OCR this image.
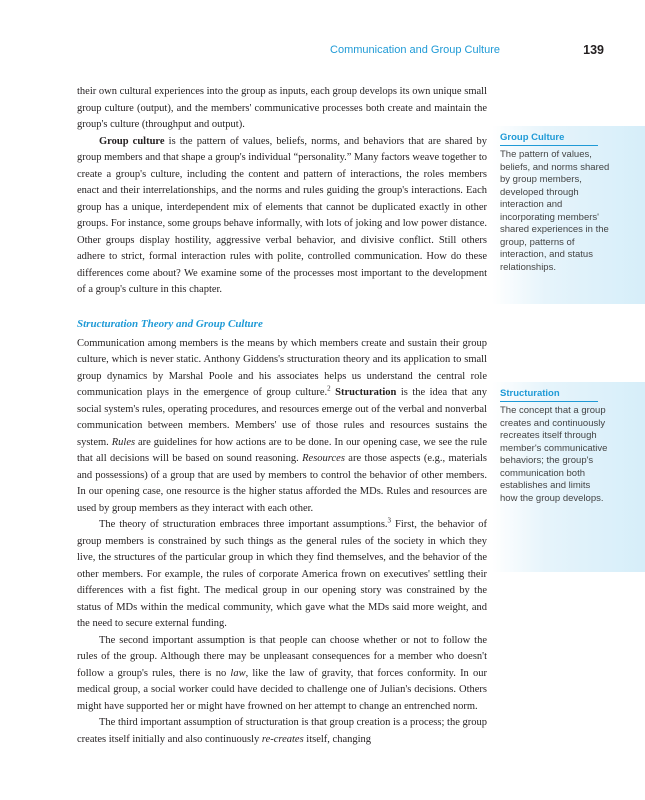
Communication and Group Culture	139

their own cultural experiences into the group as inputs, each group develops its own unique small group culture (output), and the members' communicative processes both create and maintain the group's culture (throughput and output).

Group culture is the pattern of values, beliefs, norms, and behaviors that are shared by group members and that shape a group's individual “personality.” Many factors weave together to create a group's culture, including the content and pattern of interactions, the roles members enact and their interrelationships, and the norms and rules guiding the group's interactions. Each group has a unique, interdependent mix of elements that cannot be duplicated exactly in other groups. For instance, some groups behave informally, with lots of joking and low power distance. Other groups display hostility, aggressive verbal behavior, and divisive conflict. Still others adhere to strict, formal interaction rules with polite, controlled communication. How do these differences come about? We examine some of the processes most important to the development of a group's culture in this chapter.

Structuration Theory and Group Culture

Communication among members is the means by which members create and sustain their group culture, which is never static. Anthony Giddens's structuration theory and its application to small group dynamics by Marshal Poole and his associates helps us understand the central role communication plays in the emergence of group culture.$^2$ Structuration is the idea that any social system's rules, operating procedures, and resources emerge out of the verbal and nonverbal communication between members. Members' use of those rules and resources sustains the system. Rules are guidelines for how actions are to be done. In our opening case, we see the rule that all decisions will be based on sound reasoning. Resources are those aspects (e.g., materials and possessions) of a group that are used by members to control the behavior of other members. In our opening case, one resource is the higher status afforded the MDs. Rules and resources are used by group members as they interact with each other.

The theory of structuration embraces three important assumptions.$^3$ First, the behavior of group members is constrained by such things as the general rules of the society in which they live, the structures of the particular group in which they find themselves, and the behavior of the other members. For example, the rules of corporate America frown on executives' settling their differences with a fist fight. The medical group in our opening story was constrained by the status of MDs within the medical community, which gave what the MDs said more weight, and the need to secure external funding.

The second important assumption is that people can choose whether or not to follow the rules of the group. Although there may be unpleasant consequences for a member who doesn't follow a group's rules, there is no law, like the law of gravity, that forces conformity. In our medical group, a social worker could have decided to challenge one of Julian's decisions. Others might have supported her or might have frowned on her attempt to change an entrenched norm.

The third important assumption of structuration is that group creation is a process; the group creates itself initially and also continuously re-creates itself, changing

Group Culture
The pattern of values, beliefs, and norms shared by group members, developed through interaction and incorporating members' shared experiences in the group, patterns of interaction, and status relationships.
Structuration
The concept that a group creates and continuously recreates itself through member's communicative behaviors; the group's communication both establishes and limits how the group develops.
